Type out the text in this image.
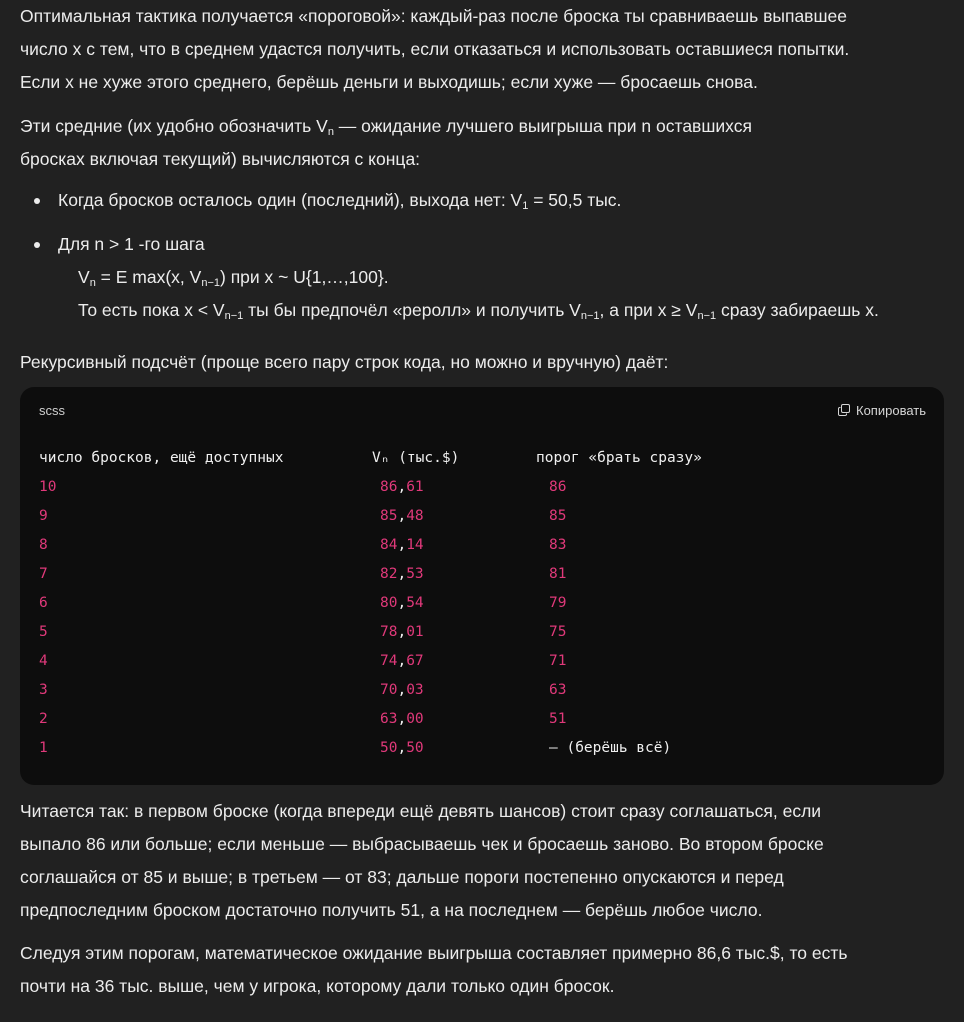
Оптимальная тактика получается «пороговой»: каждый-раз после броска ты сравниваешь выпавшее
число x с тем, что в среднем удастся получить, если отказаться и использовать оставшиеся попытки.
Если x не хуже этого среднего, берёшь деньги и выходишь; если хуже — бросаешь снова.

Эти средние (их удобно обозначить $V_n$ — ожидание лучшего выигрыша при n оставшихся
бросках включая текущий) вычисляются с конца:

Когда бросков осталось один (последний), выхода нет: $V_1 = 50,5$ тыс.
Для n > 1 -го шага
$V_n = E$ max(x, $V_{n-1}$) при x ~ U{1,…,100}.
То есть пока $x < V_{n-1}$ ты бы предпочёл «реролл» и получить $V_{n-1}$, а при $x \ge V_{n-1}$ сразу забираешь x.

Рекурсивный подсчёт (проще всего пару строк кода, но можно и вручную) даёт:

scss	Копировать
число бросков, ещё доступных	Vₙ (тыс.$)	порог «брать сразу»
10	86,61	86
9	85,48	85
8	84,14	83
7	82,53	81
6	80,54	79
5	78,01	75
4	74,67	71
3	70,03	63
2	63,00	51
1	50,50	— (берёшь всё)

Читается так: в первом броске (когда впереди ещё девять шансов) стоит сразу соглашаться, если
выпало 86 или больше; если меньше — выбрасываешь чек и бросаешь заново. Во втором броске
соглашайся от 85 и выше; в третьем — от 83; дальше пороги постепенно опускаются и перед
предпоследним броском достаточно получить 51, а на последнем — берёшь любое число.

Следуя этим порогам, математическое ожидание выигрыша составляет примерно 86,6 тыс.$, то есть
почти на 36 тыс. выше, чем у игрока, которому дали только один бросок.
